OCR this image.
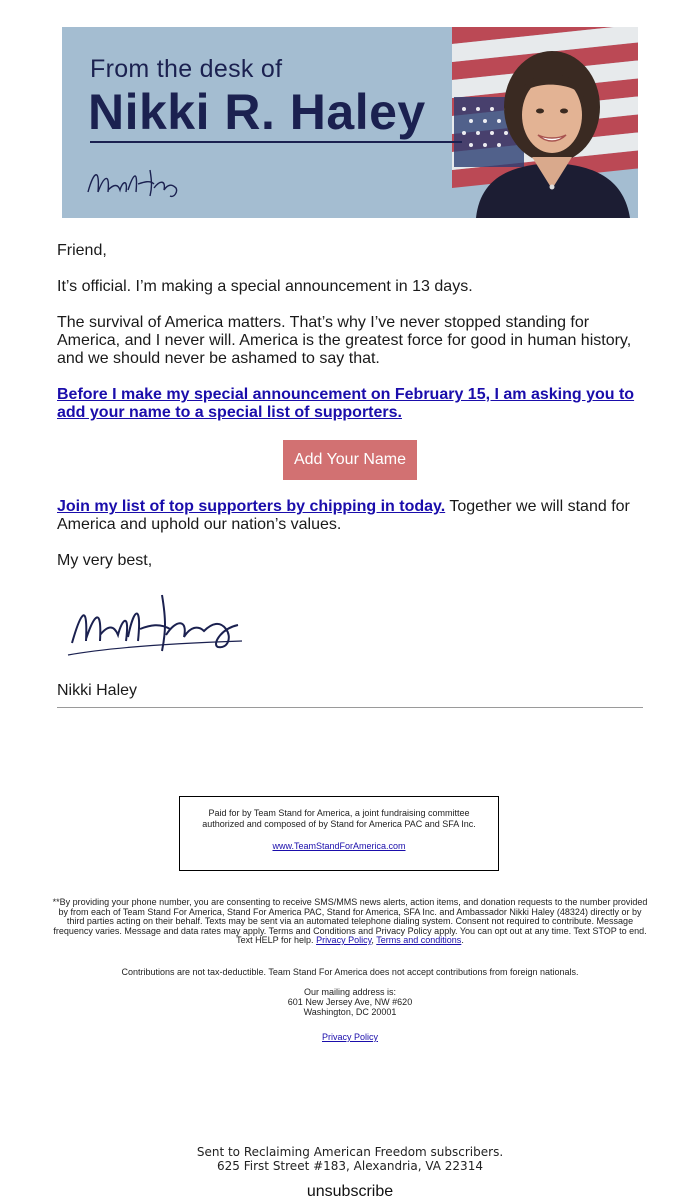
From the desk of
Nikki R. Haley
Friend,
It’s official. I’m making a special announcement in 13 days.
The survival of America matters. That’s why I’ve never stopped standing for America, and I never will. America is the greatest force for good in human history, and we should never be ashamed to say that.
Before I make my special announcement on February 15, I am asking you to add your name to a special list of supporters.
Add Your Name
Join my list of top supporters by chipping in today. Together we will stand for America and uphold our nation’s values.
My very best,
Nikki Haley
Paid for by Team Stand for America, a joint fundraising committee authorized and composed of by Stand for America PAC and SFA Inc.
www.TeamStandForAmerica.com
**By providing your phone number, you are consenting to receive SMS/MMS news alerts, action items, and donation requests to the number provided by from each of Team Stand For America, Stand For America PAC, Stand for America, SFA Inc. and Ambassador Nikki Haley (48324) directly or by third parties acting on their behalf. Texts may be sent via an automated telephone dialing system. Consent not required to contribute. Message frequency varies. Message and data rates may apply. Terms and Conditions and Privacy Policy apply. You can opt out at any time. Text STOP to end. Text HELP for help. Privacy Policy, Terms and conditions.
Contributions are not tax-deductible. Team Stand For America does not accept contributions from foreign nationals.
Our mailing address is:
601 New Jersey Ave, NW #620
Washington, DC 20001
Privacy Policy
Sent to Reclaiming American Freedom subscribers.
625 First Street #183, Alexandria, VA 22314
unsubscribe
